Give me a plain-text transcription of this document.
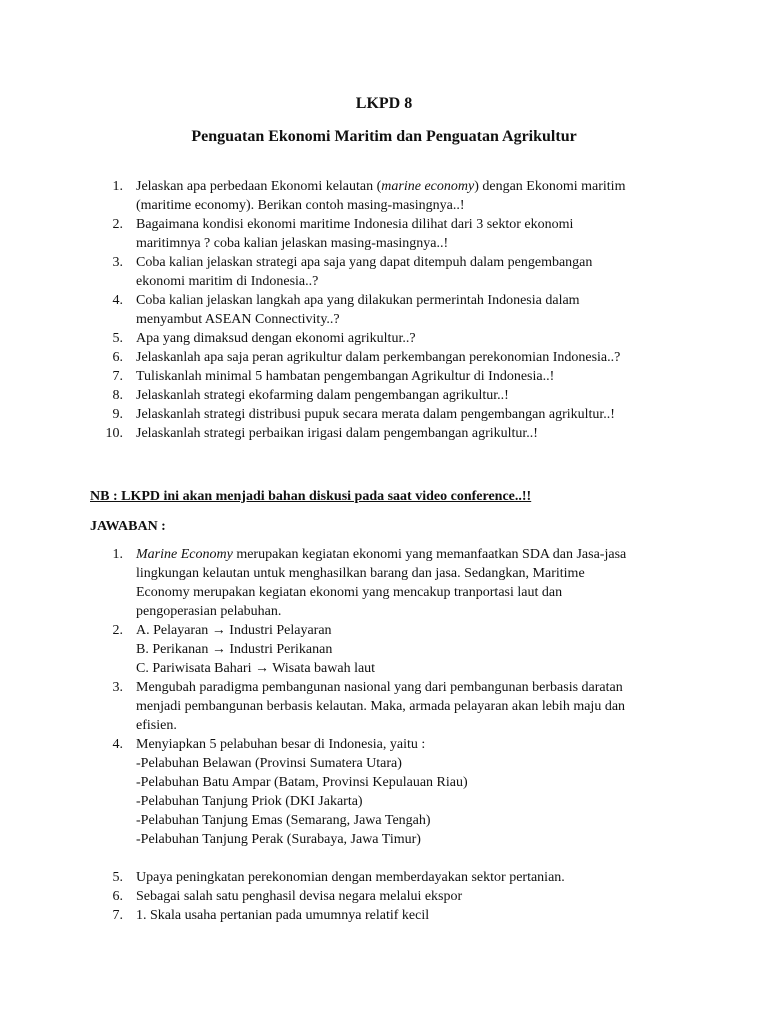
LKPD 8
Penguatan Ekonomi Maritim dan Penguatan Agrikultur
1. Jelaskan apa perbedaan Ekonomi kelautan (marine economy) dengan Ekonomi maritim
(maritime economy). Berikan contoh masing-masingnya..!
2. Bagaimana kondisi ekonomi maritime Indonesia dilihat dari 3 sektor ekonomi
maritimnya ? coba kalian jelaskan masing-masingnya..!
3. Coba kalian jelaskan strategi apa saja yang dapat ditempuh dalam pengembangan
ekonomi maritim di Indonesia..?
4. Coba kalian jelaskan langkah apa yang dilakukan permerintah Indonesia dalam
menyambut ASEAN Connectivity..?
5. Apa yang dimaksud dengan ekonomi agrikultur..?
6. Jelaskanlah apa saja peran agrikultur dalam perkembangan perekonomian Indonesia..?
7. Tuliskanlah minimal 5 hambatan pengembangan Agrikultur di Indonesia..!
8. Jelaskanlah strategi ekofarming dalam pengembangan agrikultur..!
9. Jelaskanlah strategi distribusi pupuk secara merata dalam pengembangan agrikultur..!
10. Jelaskanlah strategi perbaikan irigasi dalam pengembangan agrikultur..!
NB : LKPD ini akan menjadi bahan diskusi pada saat video conference..!!
JAWABAN :
1. Marine Economy merupakan kegiatan ekonomi yang memanfaatkan SDA dan Jasa-jasa
lingkungan kelautan untuk menghasilkan barang dan jasa. Sedangkan, Maritime
Economy merupakan kegiatan ekonomi yang mencakup tranportasi laut dan
pengoperasian pelabuhan.
2. A. Pelayaran → Industri Pelayaran
B. Perikanan → Industri Perikanan
C. Pariwisata Bahari → Wisata bawah laut
3. Mengubah paradigma pembangunan nasional yang dari pembangunan berbasis daratan
menjadi pembangunan berbasis kelautan. Maka, armada pelayaran akan lebih maju dan
efisien.
4. Menyiapkan 5 pelabuhan besar di Indonesia, yaitu :
-Pelabuhan Belawan (Provinsi Sumatera Utara)
-Pelabuhan Batu Ampar (Batam, Provinsi Kepulauan Riau)
-Pelabuhan Tanjung Priok (DKI Jakarta)
-Pelabuhan Tanjung Emas (Semarang, Jawa Tengah)
-Pelabuhan Tanjung Perak (Surabaya, Jawa Timur)
5. Upaya peningkatan perekonomian dengan memberdayakan sektor pertanian.
6. Sebagai salah satu penghasil devisa negara melalui ekspor
7. 1. Skala usaha pertanian pada umumnya relatif kecil
